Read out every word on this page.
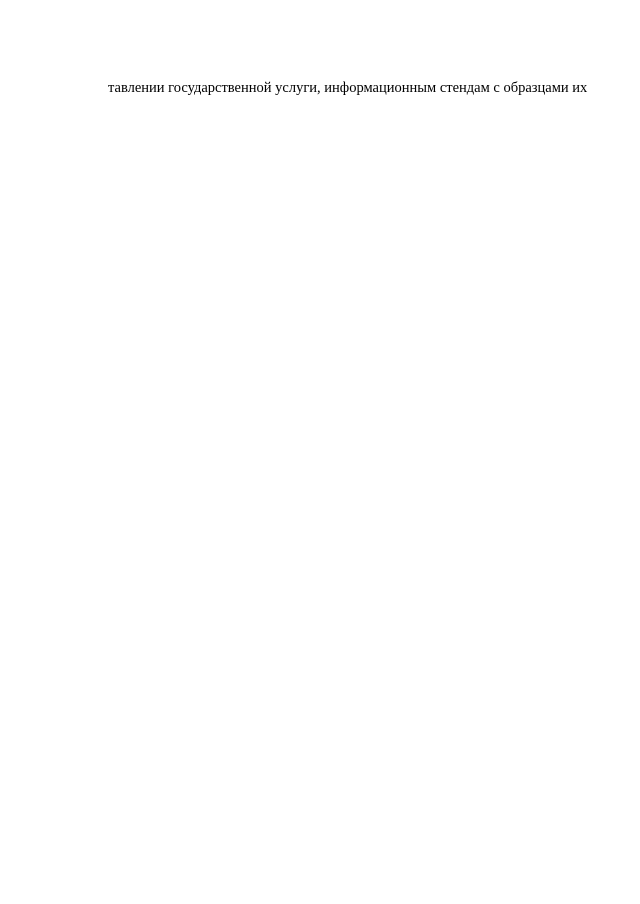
тавлении государственной услуги, информационным стендам с образцами их
